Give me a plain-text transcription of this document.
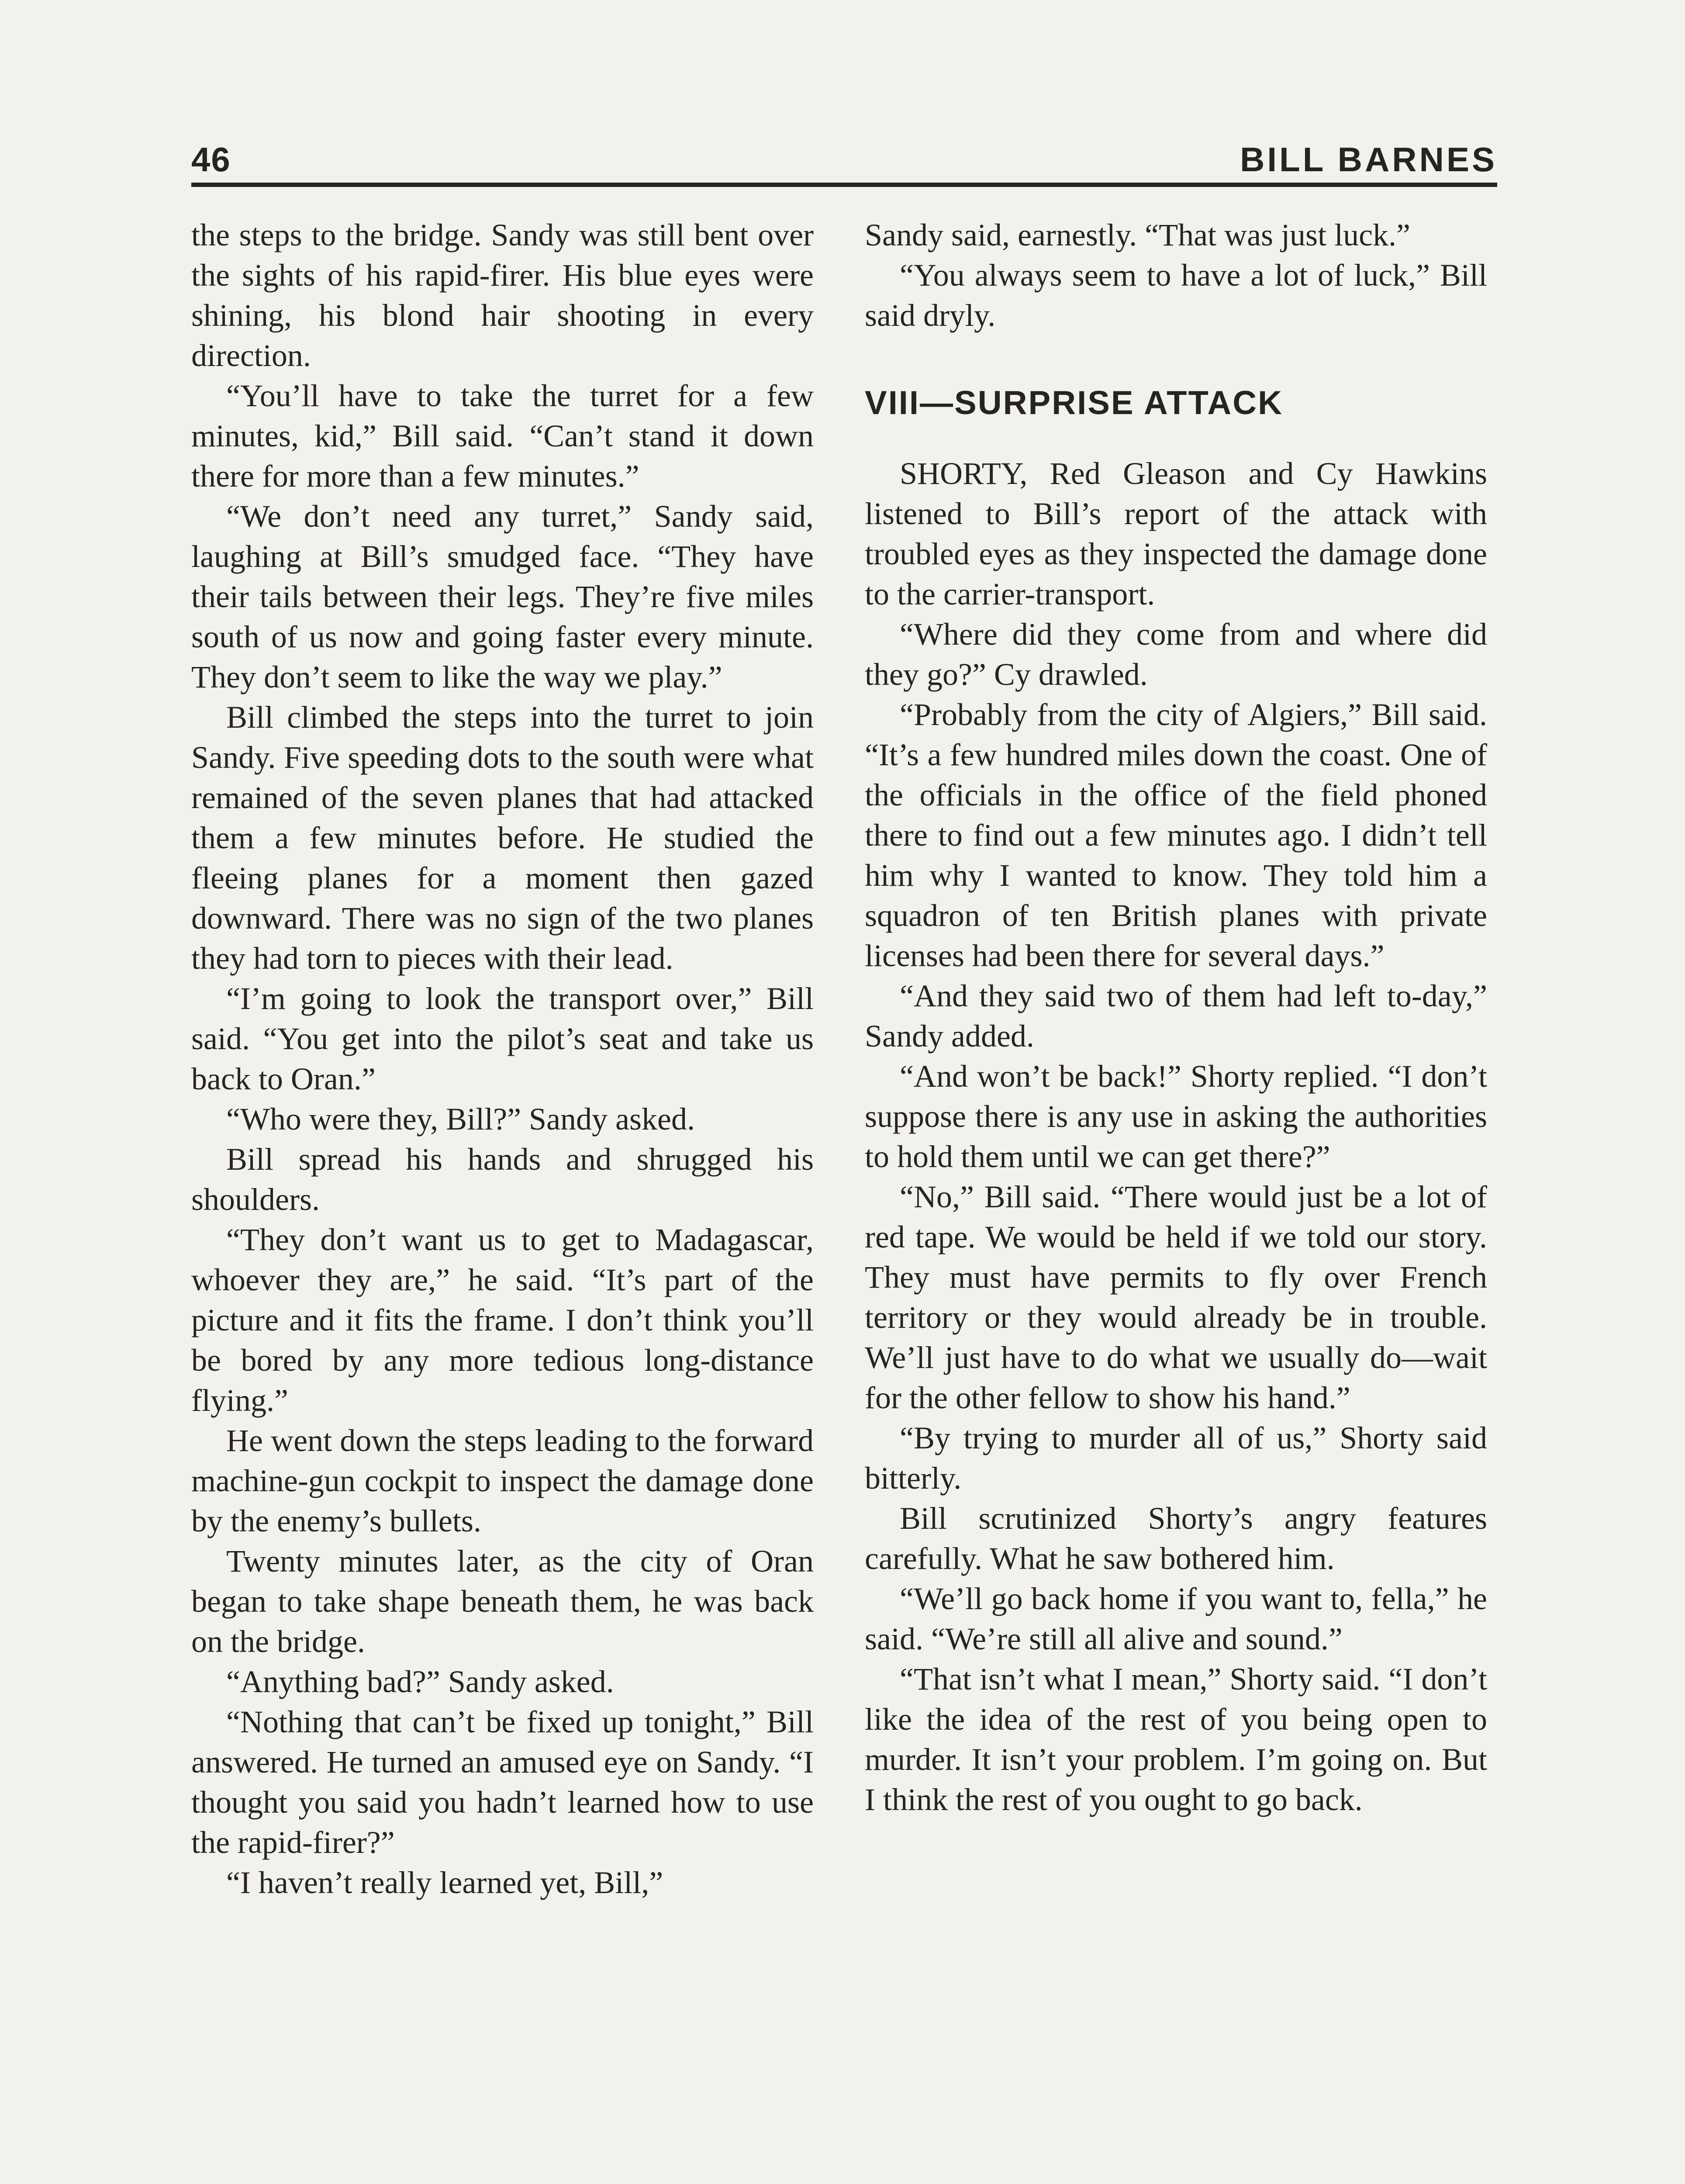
46	BILL BARNES

the steps to the bridge. Sandy was still bent over the sights of his rapid-firer. His blue eyes were shining, his blond hair shooting in every direction.

“You’ll have to take the turret for a few minutes, kid,” Bill said. “Can’t stand it down there for more than a few minutes.”

“We don’t need any turret,” Sandy said, laughing at Bill’s smudged face. “They have their tails between their legs. They’re five miles south of us now and going faster every minute. They don’t seem to like the way we play.”

Bill climbed the steps into the turret to join Sandy. Five speeding dots to the south were what remained of the seven planes that had attacked them a few minutes before. He studied the fleeing planes for a moment then gazed downward. There was no sign of the two planes they had torn to pieces with their lead.

“I’m going to look the transport over,” Bill said. “You get into the pilot’s seat and take us back to Oran.”

“Who were they, Bill?” Sandy asked.

Bill spread his hands and shrugged his shoulders.

“They don’t want us to get to Madagascar, whoever they are,” he said. “It’s part of the picture and it fits the frame. I don’t think you’ll be bored by any more tedious long-distance flying.”

He went down the steps leading to the forward machine-gun cockpit to inspect the damage done by the enemy’s bullets.

Twenty minutes later, as the city of Oran began to take shape beneath them, he was back on the bridge.

“Anything bad?” Sandy asked.

“Nothing that can’t be fixed up tonight,” Bill answered. He turned an amused eye on Sandy. “I thought you said you hadn’t learned how to use the rapid-firer?”

“I haven’t really learned yet, Bill,”

Sandy said, earnestly. “That was just luck.”

“You always seem to have a lot of luck,” Bill said dryly.

VIII—SURPRISE ATTACK

SHORTY, Red Gleason and Cy Hawkins listened to Bill’s report of the attack with troubled eyes as they inspected the damage done to the carrier-transport.

“Where did they come from and where did they go?” Cy drawled.

“Probably from the city of Algiers,” Bill said. “It’s a few hundred miles down the coast. One of the officials in the office of the field phoned there to find out a few minutes ago. I didn’t tell him why I wanted to know. They told him a squadron of ten British planes with private licenses had been there for several days.”

“And they said two of them had left to-day,” Sandy added.

“And won’t be back!” Shorty replied. “I don’t suppose there is any use in asking the authorities to hold them until we can get there?”

“No,” Bill said. “There would just be a lot of red tape. We would be held if we told our story. They must have permits to fly over French territory or they would already be in trouble. We’ll just have to do what we usually do—wait for the other fellow to show his hand.”

“By trying to murder all of us,” Shorty said bitterly.

Bill scrutinized Shorty’s angry features carefully. What he saw bothered him.

“We’ll go back home if you want to, fella,” he said. “We’re still all alive and sound.”

“That isn’t what I mean,” Shorty said. “I don’t like the idea of the rest of you being open to murder. It isn’t your problem. I’m going on. But I think the rest of you ought to go back.
